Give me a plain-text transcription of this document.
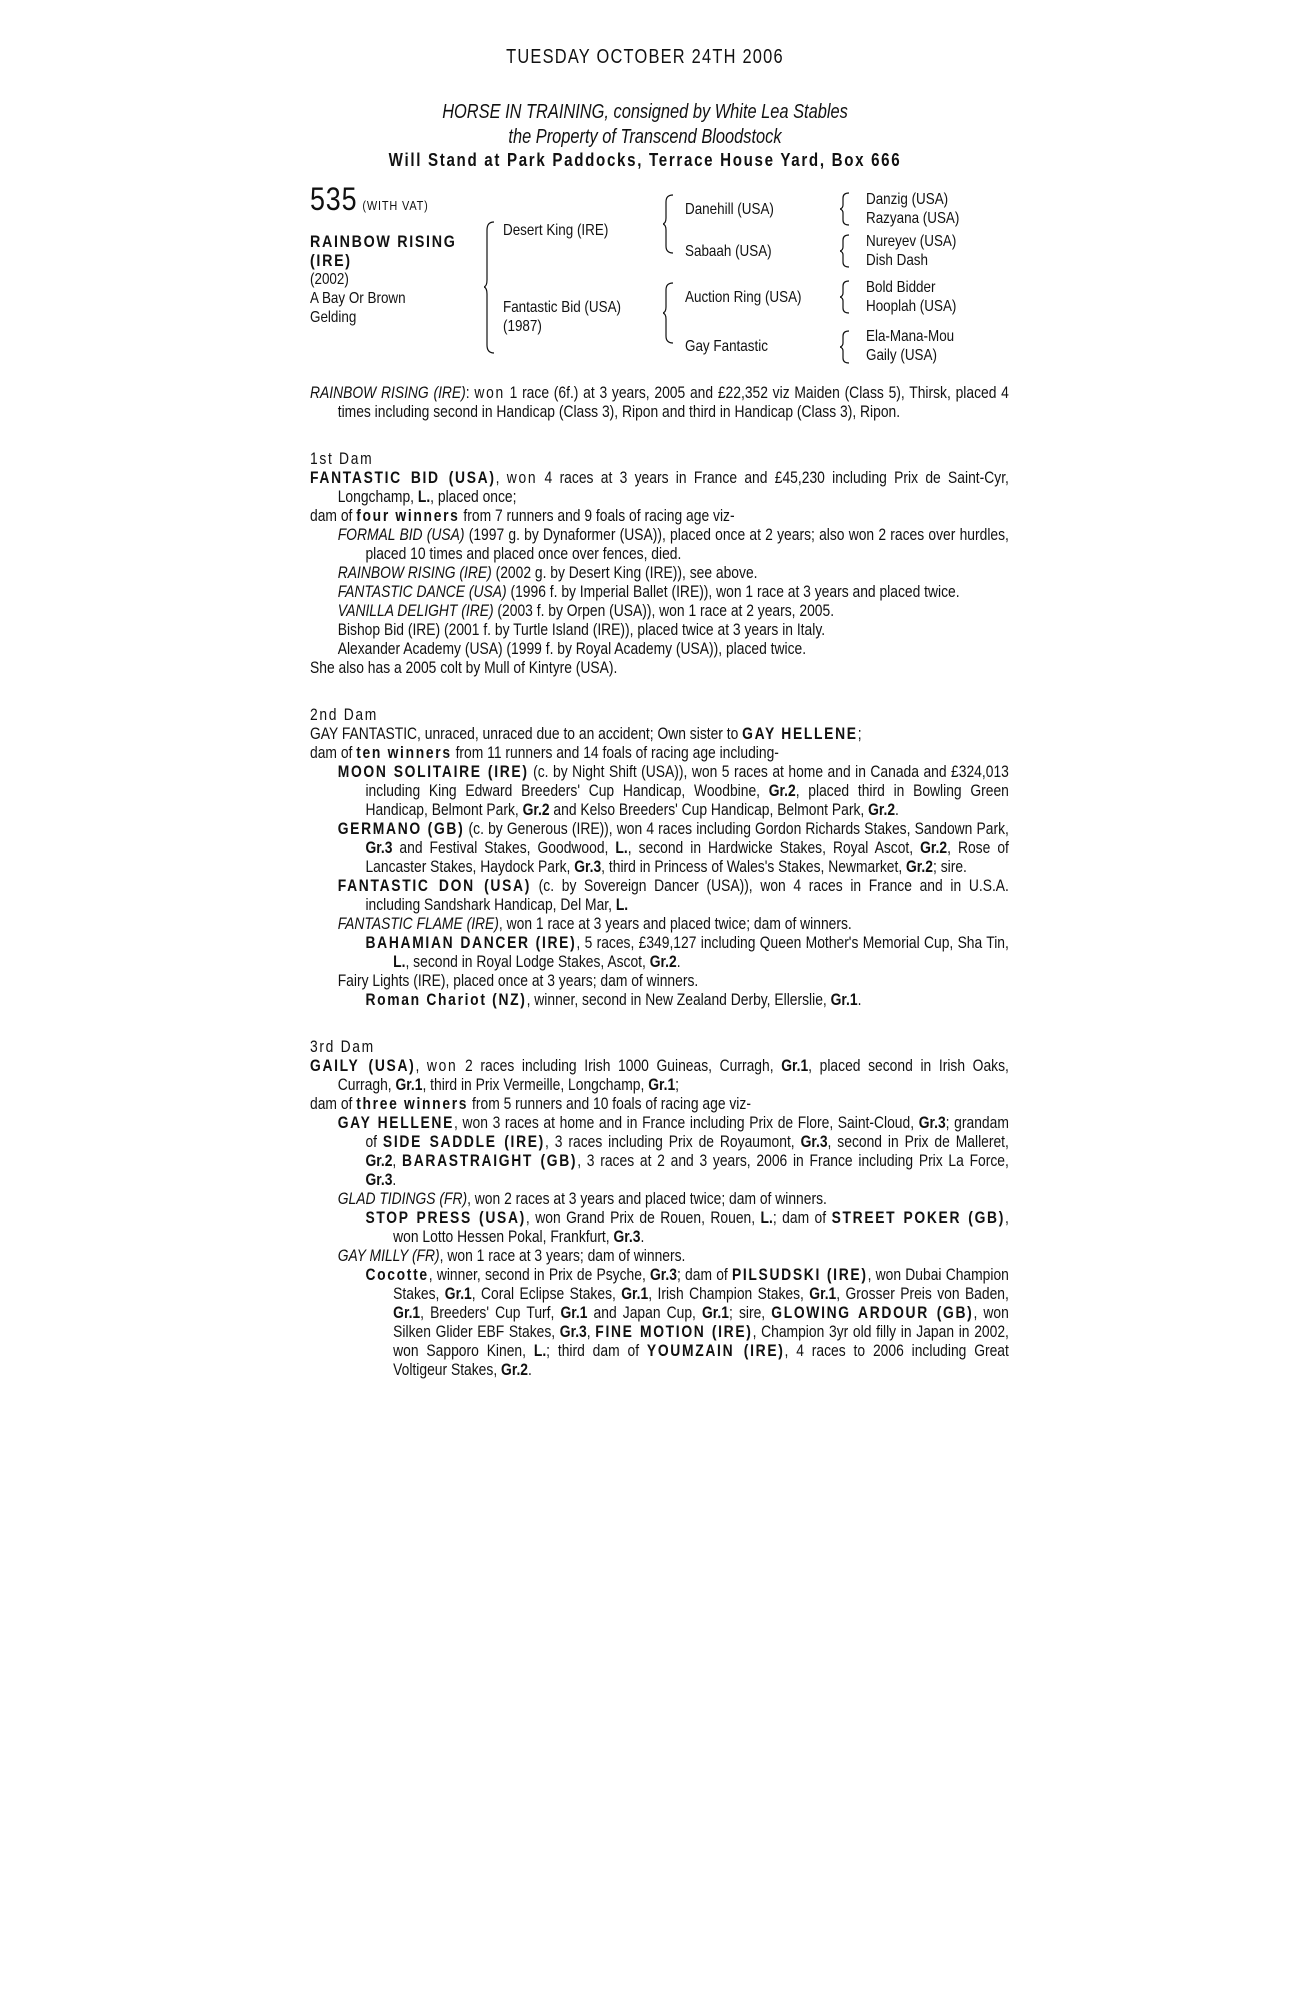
TUESDAY OCTOBER 24TH 2006
HORSE IN TRAINING, consigned by White Lea Stables
the Property of Transcend Bloodstock
Will Stand at Park Paddocks, Terrace House Yard, Box 666
535 (WITH VAT)
RAINBOW RISING
(IRE)
(2002)
A Bay Or Brown
Gelding
Desert King (IRE)
Fantastic Bid (USA)
(1987)
Danehill (USA)
Sabaah (USA)
Auction Ring (USA)
Gay Fantastic
Danzig (USA)
Razyana (USA)
Nureyev (USA)
Dish Dash
Bold Bidder
Hooplah (USA)
Ela-Mana-Mou
Gaily (USA)

RAINBOW RISING (IRE): won 1 race (6f.) at 3 years, 2005 and £22,352 viz Maiden (Class 5), Thirsk, placed 4 times including second in Handicap (Class 3), Ripon and third in Handicap (Class 3), Ripon.

1st Dam

FANTASTIC BID (USA), won 4 races at 3 years in France and £45,230 including Prix de Saint-Cyr, Longchamp, L., placed once;

dam of four winners from 7 runners and 9 foals of racing age viz-

FORMAL BID (USA) (1997 g. by Dynaformer (USA)), placed once at 2 years; also won 2 races over hurdles, placed 10 times and placed once over fences, died.

RAINBOW RISING (IRE) (2002 g. by Desert King (IRE)), see above.

FANTASTIC DANCE (USA) (1996 f. by Imperial Ballet (IRE)), won 1 race at 3 years and placed twice.

VANILLA DELIGHT (IRE) (2003 f. by Orpen (USA)), won 1 race at 2 years, 2005.

Bishop Bid (IRE) (2001 f. by Turtle Island (IRE)), placed twice at 3 years in Italy.

Alexander Academy (USA) (1999 f. by Royal Academy (USA)), placed twice.

She also has a 2005 colt by Mull of Kintyre (USA).

2nd Dam

GAY FANTASTIC, unraced, unraced due to an accident; Own sister to GAY HELLENE;

dam of ten winners from 11 runners and 14 foals of racing age including-

MOON SOLITAIRE (IRE) (c. by Night Shift (USA)), won 5 races at home and in Canada and £324,013 including King Edward Breeders' Cup Handicap, Woodbine, Gr.2, placed third in Bowling Green Handicap, Belmont Park, Gr.2 and Kelso Breeders' Cup Handicap, Belmont Park, Gr.2.

GERMANO (GB) (c. by Generous (IRE)), won 4 races including Gordon Richards Stakes, Sandown Park, Gr.3 and Festival Stakes, Goodwood, L., second in Hardwicke Stakes, Royal Ascot, Gr.2, Rose of Lancaster Stakes, Haydock Park, Gr.3, third in Princess of Wales's Stakes, Newmarket, Gr.2; sire.

FANTASTIC DON (USA) (c. by Sovereign Dancer (USA)), won 4 races in France and in U.S.A. including Sandshark Handicap, Del Mar, L.

FANTASTIC FLAME (IRE), won 1 race at 3 years and placed twice; dam of winners.

BAHAMIAN DANCER (IRE), 5 races, £349,127 including Queen Mother's Memorial Cup, Sha Tin, L., second in Royal Lodge Stakes, Ascot, Gr.2.

Fairy Lights (IRE), placed once at 3 years; dam of winners.

Roman Chariot (NZ), winner, second in New Zealand Derby, Ellerslie, Gr.1.

3rd Dam

GAILY (USA), won 2 races including Irish 1000 Guineas, Curragh, Gr.1, placed second in Irish Oaks, Curragh, Gr.1, third in Prix Vermeille, Longchamp, Gr.1;

dam of three winners from 5 runners and 10 foals of racing age viz-

GAY HELLENE, won 3 races at home and in France including Prix de Flore, Saint-Cloud, Gr.3; grandam of SIDE SADDLE (IRE), 3 races including Prix de Royaumont, Gr.3, second in Prix de Malleret, Gr.2, BARASTRAIGHT (GB), 3 races at 2 and 3 years, 2006 in France including Prix La Force, Gr.3.

GLAD TIDINGS (FR), won 2 races at 3 years and placed twice; dam of winners.

STOP PRESS (USA), won Grand Prix de Rouen, Rouen, L.; dam of STREET POKER (GB), won Lotto Hessen Pokal, Frankfurt, Gr.3.

GAY MILLY (FR), won 1 race at 3 years; dam of winners.

Cocotte, winner, second in Prix de Psyche, Gr.3; dam of PILSUDSKI (IRE), won Dubai Champion Stakes, Gr.1, Coral Eclipse Stakes, Gr.1, Irish Champion Stakes, Gr.1, Grosser Preis von Baden, Gr.1, Breeders' Cup Turf, Gr.1 and Japan Cup, Gr.1; sire, GLOWING ARDOUR (GB), won Silken Glider EBF Stakes, Gr.3, FINE MOTION (IRE), Champion 3yr old filly in Japan in 2002, won Sapporo Kinen, L.; third dam of YOUMZAIN (IRE), 4 races to 2006 including Great Voltigeur Stakes, Gr.2.
